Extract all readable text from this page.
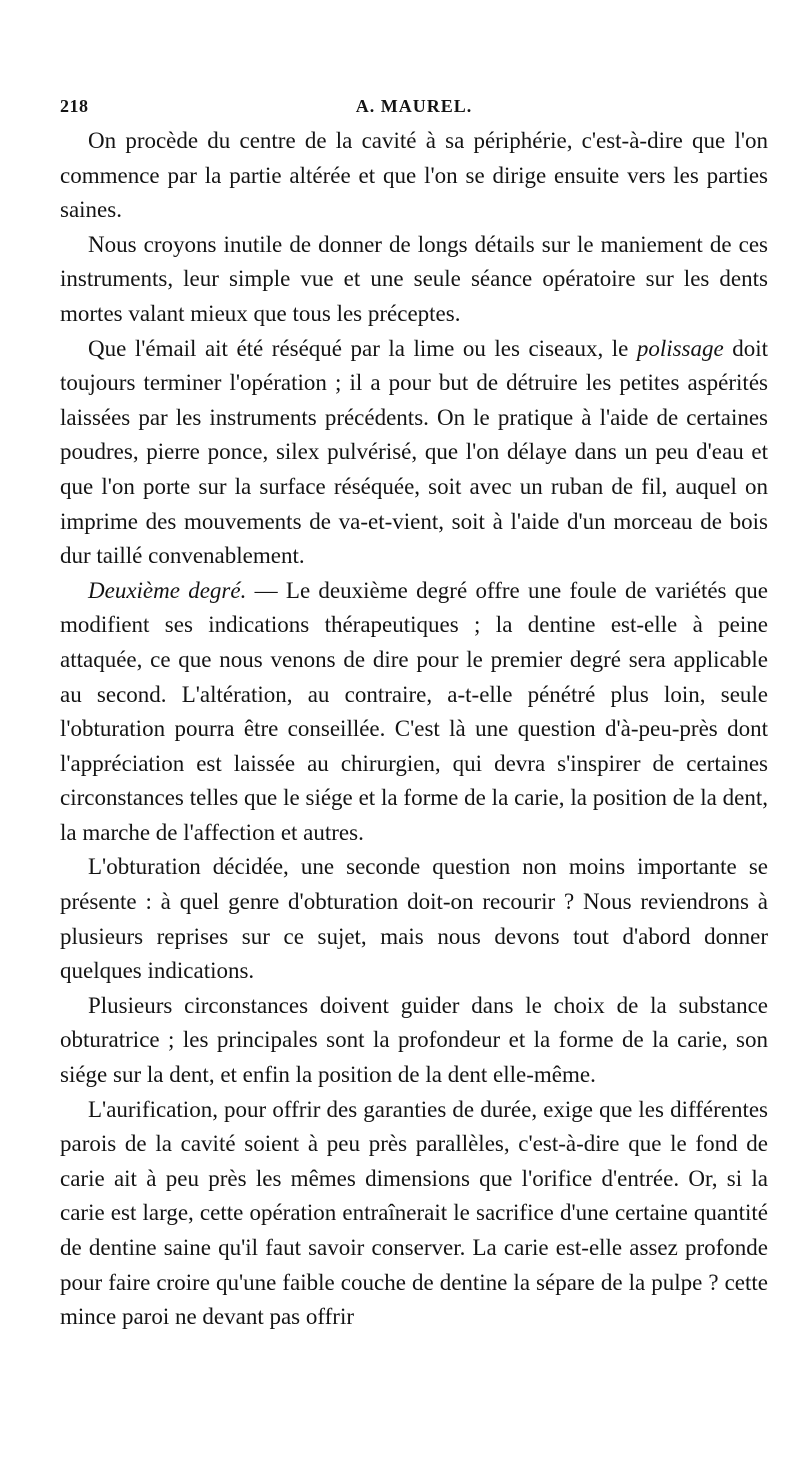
218	A. MAUREL.

On procède du centre de la cavité à sa périphérie, c'est-à-dire que l'on commence par la partie altérée et que l'on se dirige ensuite vers les parties saines.

Nous croyons inutile de donner de longs détails sur le maniement de ces instruments, leur simple vue et une seule séance opératoire sur les dents mortes valant mieux que tous les préceptes.

Que l'émail ait été réséqué par la lime ou les ciseaux, le polissage doit toujours terminer l'opération ; il a pour but de détruire les petites aspérités laissées par les instruments précédents. On le pratique à l'aide de certaines poudres, pierre ponce, silex pulvérisé, que l'on délaye dans un peu d'eau et que l'on porte sur la surface réséquée, soit avec un ruban de fil, auquel on imprime des mouvements de va-et-vient, soit à l'aide d'un morceau de bois dur taillé convenablement.

Deuxième degré. — Le deuxième degré offre une foule de variétés que modifient ses indications thérapeutiques ; la dentine est-elle à peine attaquée, ce que nous venons de dire pour le premier degré sera applicable au second. L'altération, au contraire, a-t-elle pénétré plus loin, seule l'obturation pourra être conseillée. C'est là une question d'à-peu-près dont l'appréciation est laissée au chirurgien, qui devra s'inspirer de certaines circonstances telles que le siége et la forme de la carie, la position de la dent, la marche de l'affection et autres.

L'obturation décidée, une seconde question non moins importante se présente : à quel genre d'obturation doit-on recourir ? Nous reviendrons à plusieurs reprises sur ce sujet, mais nous devons tout d'abord donner quelques indications.

Plusieurs circonstances doivent guider dans le choix de la substance obturatrice ; les principales sont la profondeur et la forme de la carie, son siége sur la dent, et enfin la position de la dent elle-même.

L'aurification, pour offrir des garanties de durée, exige que les différentes parois de la cavité soient à peu près parallèles, c'est-à-dire que le fond de carie ait à peu près les mêmes dimensions que l'orifice d'entrée. Or, si la carie est large, cette opération entraînerait le sacrifice d'une certaine quantité de dentine saine qu'il faut savoir conserver. La carie est-elle assez profonde pour faire croire qu'une faible couche de dentine la sépare de la pulpe ? cette mince paroi ne devant pas offrir
